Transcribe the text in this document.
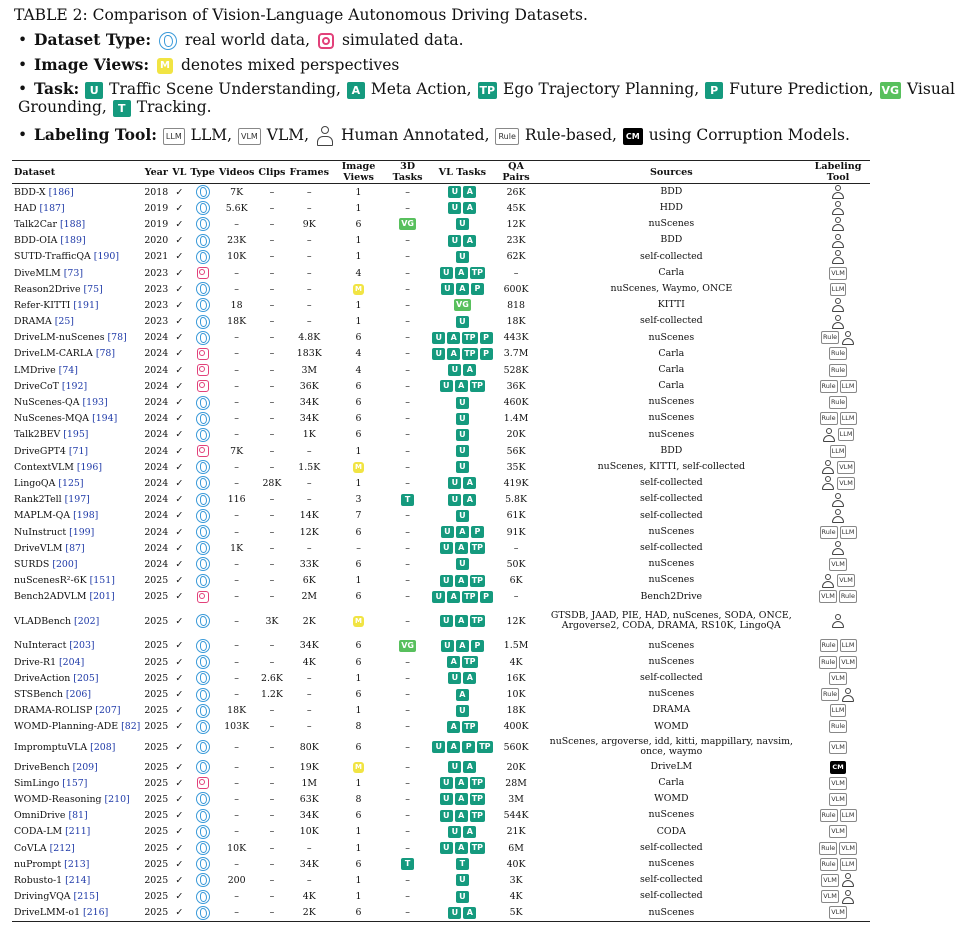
TABLE 2: Comparison of Vision-Language Autonomous Driving Datasets.
• Dataset Type: real world data, simulated data.
• Image Views: M denotes mixed perspectives
• Task: U Traffic Scene Understanding, A Meta Action, TP Ego Trajectory Planning, P Future Prediction, VG Visual
Grounding, T Tracking.
• Labeling Tool: LLM LLM, VLM VLM, Human Annotated, Rule Rule-based, CM using Corruption Models.
Dataset	Year	VL	Type	Videos	Clips	Frames	Image Views	3D Tasks	VL Tasks	QA Pairs	Sources	Labeling Tool
BDD-X [186]	2018	✓		7K	–	–	1	–	U A	26K	BDD	
HAD [187]	2019	✓		5.6K	–	–	1	–	U A	45K	HDD	
Talk2Car [188]	2019	✓		–	–	9K	6	VG	U	12K	nuScenes	
BDD-OIA [189]	2020	✓		23K	–	–	1	–	U A	23K	BDD	
SUTD-TrafficQA [190]	2021	✓		10K	–	–	1	–	U	62K	self-collected	
DiveMLM [73]	2023	✓		–	–	–	4	–	U A TP	–	Carla	VLM
Reason2Drive [75]	2023	✓		–	–	–	M	–	U A P	600K	nuScenes, Waymo, ONCE	LLM
Refer-KITTI [191]	2023	✓		18	–	–	1	–	VG	818	KITTI	
DRAMA [25]	2023	✓		18K	–	–	1	–	U	18K	self-collected	
DriveLM-nuScenes [78]	2024	✓		–	–	4.8K	6	–	U A TP P	443K	nuScenes	Rule
DriveLM-CARLA [78]	2024	✓		–	–	183K	4	–	U A TP P	3.7M	Carla	Rule
LMDrive [74]	2024	✓		–	–	3M	4	–	U A	528K	Carla	Rule
DriveCoT [192]	2024	✓		–	–	36K	6	–	U A TP	36K	Carla	Rule LLM
NuScenes-QA [193]	2024	✓		–	–	34K	6	–	U	460K	nuScenes	Rule
NuScenes-MQA [194]	2024	✓		–	–	34K	6	–	U	1.4M	nuScenes	Rule LLM
Talk2BEV [195]	2024	✓		–	–	1K	6	–	U	20K	nuScenes	LLM
DriveGPT4 [71]	2024	✓		7K	–	–	1	–	U	56K	BDD	LLM
ContextVLM [196]	2024	✓		–	–	1.5K	M	–	U	35K	nuScenes, KITTI, self-collected	VLM
LingoQA [125]	2024	✓		–	28K	–	1	–	U A	419K	self-collected	VLM
Rank2Tell [197]	2024	✓		116	–	–	3	T	U A	5.8K	self-collected	
MAPLM-QA [198]	2024	✓		–	–	14K	7	–	U	61K	self-collected	
NuInstruct [199]	2024	✓		–	–	12K	6	–	U A P	91K	nuScenes	Rule LLM
DriveVLM [87]	2024	✓		1K	–	–	–	–	U A TP	–	self-collected	
SURDS [200]	2024	✓		–	–	33K	6	–	U	50K	nuScenes	VLM
nuScenesR²-6K [151]	2025	✓		–	–	6K	1	–	U A TP	6K	nuScenes	VLM
Bench2ADVLM [201]	2025	✓		–	–	2M	6	–	U A TP P	–	Bench2Drive	VLM Rule
VLADBench [202]	2025	✓		–	3K	2K	M	–	U A TP	12K	GTSDB, JAAD, PIE, HAD, nuScenes, SODA, ONCE, Argoverse2, CODA, DRAMA, RS10K, LingoQA	
NuInteract [203]	2025	✓		–	–	34K	6	VG	U A P	1.5M	nuScenes	Rule LLM
Drive-R1 [204]	2025	✓		–	–	4K	6	–	A TP	4K	nuScenes	Rule VLM
DriveAction [205]	2025	✓		–	2.6K	–	1	–	U A	16K	self-collected	VLM
STSBench [206]	2025	✓		–	1.2K	–	6	–	A	10K	nuScenes	Rule
DRAMA-ROLISP [207]	2025	✓		18K	–	–	1	–	U	18K	DRAMA	LLM
WOMD-Planning-ADE [82]	2025	✓		103K	–	–	8	–	A TP	400K	WOMD	Rule
ImpromptuVLA [208]	2025	✓		–	–	80K	6	–	U A P TP	560K	nuScenes, argoverse, idd, kitti, mappillary, navsim, once, waymo	VLM
DriveBench [209]	2025	✓		–	–	19K	M	–	U A	20K	DriveLM	CM
SimLingo [157]	2025	✓		–	–	1M	1	–	U A TP	28M	Carla	VLM
WOMD-Reasoning [210]	2025	✓		–	–	63K	8	–	U A TP	3M	WOMD	VLM
OmniDrive [81]	2025	✓		–	–	34K	6	–	U A TP	544K	nuScenes	Rule LLM
CODA-LM [211]	2025	✓		–	–	10K	1	–	U A	21K	CODA	VLM
CoVLA [212]	2025	✓		10K	–	–	1	–	U A TP	6M	self-collected	Rule VLM
nuPrompt [213]	2025	✓		–	–	34K	6	T	T	40K	nuScenes	Rule LLM
Robusto-1 [214]	2025	✓		200	–	–	1	–	U	3K	self-collected	VLM
DrivingVQA [215]	2025	✓		–	–	4K	1	–	U	4K	self-collected	VLM
DriveLMM-o1 [216]	2025	✓		–	–	2K	6	–	U A	5K	nuScenes	VLM
